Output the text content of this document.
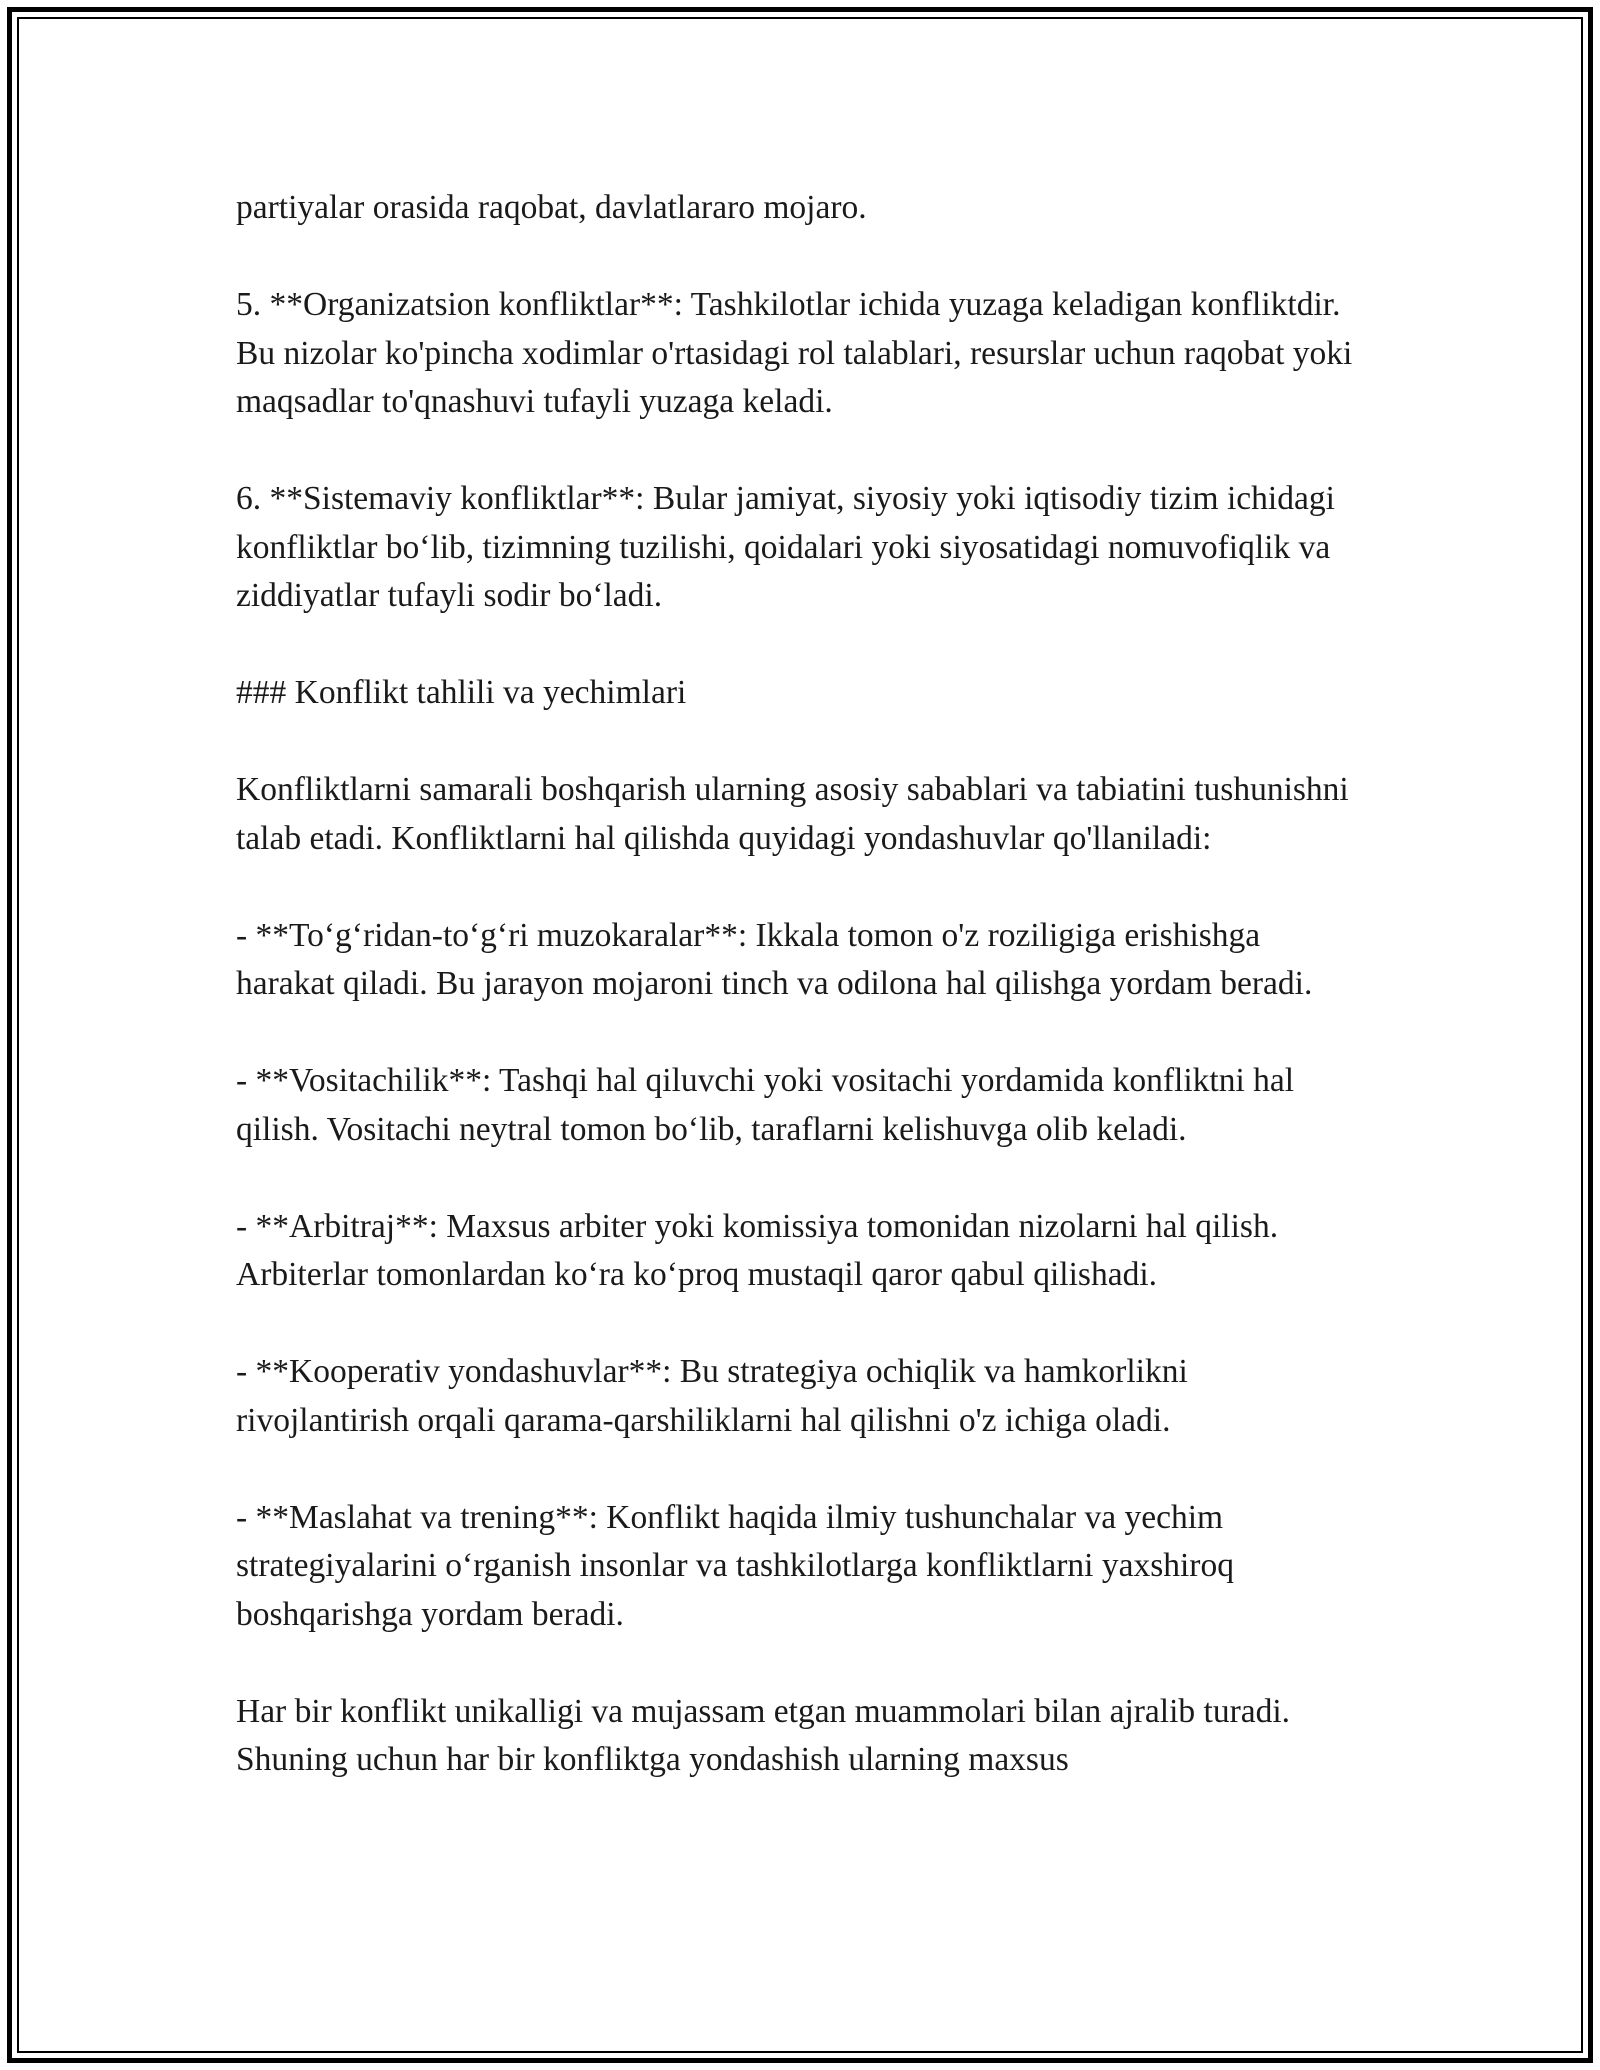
partiyalar orasida raqobat, davlatlararo mojaro.

5. **Organizatsion konfliktlar**: Tashkilotlar ichida yuzaga keladigan konfliktdir. Bu nizolar ko'pincha xodimlar o'rtasidagi rol talablari, resurslar uchun raqobat yoki maqsadlar to'qnashuvi tufayli yuzaga keladi.

6. **Sistemaviy konfliktlar**: Bular jamiyat, siyosiy yoki iqtisodiy tizim ichidagi konfliktlar bo‘lib, tizimning tuzilishi, qoidalari yoki siyosatidagi nomuvofiqlik va ziddiyatlar tufayli sodir bo‘ladi.

### Konflikt tahlili va yechimlari

Konfliktlarni samarali boshqarish ularning asosiy sabablari va tabiatini tushunishni talab etadi. Konfliktlarni hal qilishda quyidagi yondashuvlar qo'llaniladi:

- **To‘g‘ridan-to‘g‘ri muzokaralar**: Ikkala tomon o'z roziligiga erishishga harakat qiladi. Bu jarayon mojaroni tinch va odilona hal qilishga yordam beradi.

- **Vositachilik**: Tashqi hal qiluvchi yoki vositachi yordamida konfliktni hal qilish. Vositachi neytral tomon bo‘lib, taraflarni kelishuvga olib keladi.

- **Arbitraj**: Maxsus arbiter yoki komissiya tomonidan nizolarni hal qilish. Arbiterlar tomonlardan ko‘ra ko‘proq mustaqil qaror qabul qilishadi.

- **Kooperativ yondashuvlar**: Bu strategiya ochiqlik va hamkorlikni rivojlantirish orqali qarama-qarshiliklarni hal qilishni o'z ichiga oladi.

- **Maslahat va trening**: Konflikt haqida ilmiy tushunchalar va yechim strategiyalarini o‘rganish insonlar va tashkilotlarga konfliktlarni yaxshiroq boshqarishga yordam beradi.

Har bir konflikt unikalligi va mujassam etgan muammolari bilan ajralib turadi. Shuning uchun har bir konfliktga yondashish ularning maxsus
